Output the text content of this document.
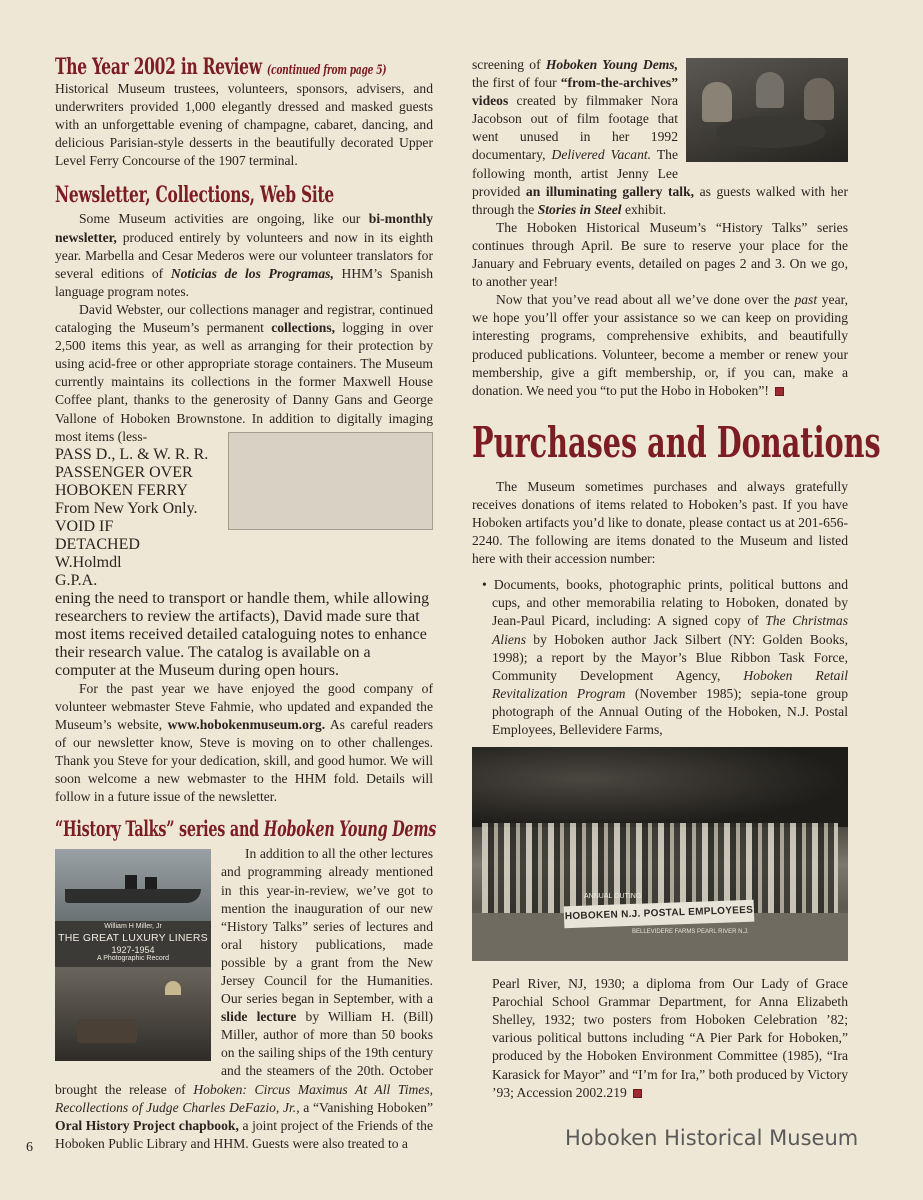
The Year 2002 in Review (continued from page 5)

Historical Museum trustees, volunteers, sponsors, advisers, and underwriters provided 1,000 elegantly dressed and masked guests with an unforgettable evening of champagne, cabaret, dancing, and delicious Parisian-style desserts in the beautifully decorated Upper Level Ferry Concourse of the 1907 terminal.

Newsletter, Collections, Web Site

Some Museum activities are ongoing, like our bi-monthly newsletter, produced entirely by volunteers and now in its eighth year. Marbella and Cesar Mederos were our volunteer translators for several editions of Noticias de los Programas, HHM’s Spanish language program notes.

David Webster, our collections manager and registrar, continued cataloging the Museum’s permanent collections, logging in over 2,500 items this year, as well as arranging for their protection by using acid-free or other appropriate storage containers. The Museum currently maintains its collections in the former Maxwell House Coffee plant, thanks to the generosity of Danny Gans and George Vallone of Hoboken Brownstone. In addition to digitally imaging most items (less-

PASS D., L. & W. R. R.
PASSENGER OVER
HOBOKEN FERRY
From New York Only.
VOID IF
DETACHED
W.Holmdl
G.P.A.
ening the need to transport or handle them, while allowing researchers to review the artifacts), David made sure that most items received detailed cataloguing notes to enhance their research value. The catalog is available on a computer at the Museum during open hours.

For the past year we have enjoyed the good company of volunteer webmaster Steve Fahmie, who updated and expanded the Museum’s website, www.hobokenmuseum.org. As careful readers of our newsletter know, Steve is moving on to other challenges. Thank you Steve for your dedication, skill, and good humor. We will soon welcome a new webmaster to the HHM fold. Details will follow in a future issue of the newsletter.

“History Talks” series and Hoboken Young Dems
William H Miller, Jr
THE GREAT LUXURY LINERS
1927-1954
A Photographic Record

In addition to all the other lectures and programming already mentioned in this year-in-review, we’ve got to mention the inauguration of our new “History Talks” series of lectures and oral history publications, made possible by a grant from the New Jersey Council for the Humanities. Our series began in September, with a slide lecture by William H. (Bill) Miller, author of more than 50 books on the sailing ships of the 19th century and the steamers of the 20th. October brought the release of Hoboken: Circus Maximus At All Times, Recollections of Judge Charles DeFazio, Jr., a “Vanishing Hoboken” Oral History Project chapbook, a joint project of the Friends of the Hoboken Public Library and HHM. Guests were also treated to a

screening of Hoboken Young Dems, the first of four “from-the-archives” videos created by filmmaker Nora Jacobson out of film footage that went unused in her 1992 documentary, Delivered Vacant. The following month, artist Jenny Lee provided an illuminating gallery talk, as guests walked with her through the Stories in Steel exhibit.

The Hoboken Historical Museum’s “History Talks” series continues through April. Be sure to reserve your place for the January and February events, detailed on pages 2 and 3. On we go, to another year!

Now that you’ve read about all we’ve done over the past year, we hope you’ll offer your assistance so we can keep on providing interesting programs, comprehensive exhibits, and beautifully produced publications. Volunteer, become a member or renew your membership, give a gift membership, or, if you can, make a donation. We need you “to put the Hobo in Hoboken”!

Purchases and Donations

The Museum sometimes purchases and always gratefully receives donations of items related to Hoboken’s past. If you have Hoboken artifacts you’d like to donate, please contact us at 201-656-2240. The following are items donated to the Museum and listed here with their accession number:

• Documents, books, photographic prints, political buttons and cups, and other memorabilia relating to Hoboken, donated by Jean-Paul Picard, including: A signed copy of The Christmas Aliens by Hoboken author Jack Silbert (NY: Golden Books, 1998); a report by the Mayor’s Blue Ribbon Task Force, Community Development Agency, Hoboken Retail Revitalization Program (November 1985); sepia-tone group photograph of the Annual Outing of the Hoboken, N.J. Postal Employees, Bellevidere Farms,

ANNUAL OUTING
HOBOKEN N.J. POSTAL EMPLOYEES
BELLEVIDERE FARMS PEARL RIVER N.J.

Pearl River, NJ, 1930; a diploma from Our Lady of Grace Parochial School Grammar Department, for Anna Elizabeth Shelley, 1932; two posters from Hoboken Celebration ’82; various political buttons including “A Pier Park for Hoboken,” produced by the Hoboken Environment Committee (1985), “Ira Karasick for Mayor” and “I’m for Ira,” both produced by Victory ’93; Accession 2002.219

6	Hoboken Historical Museum
